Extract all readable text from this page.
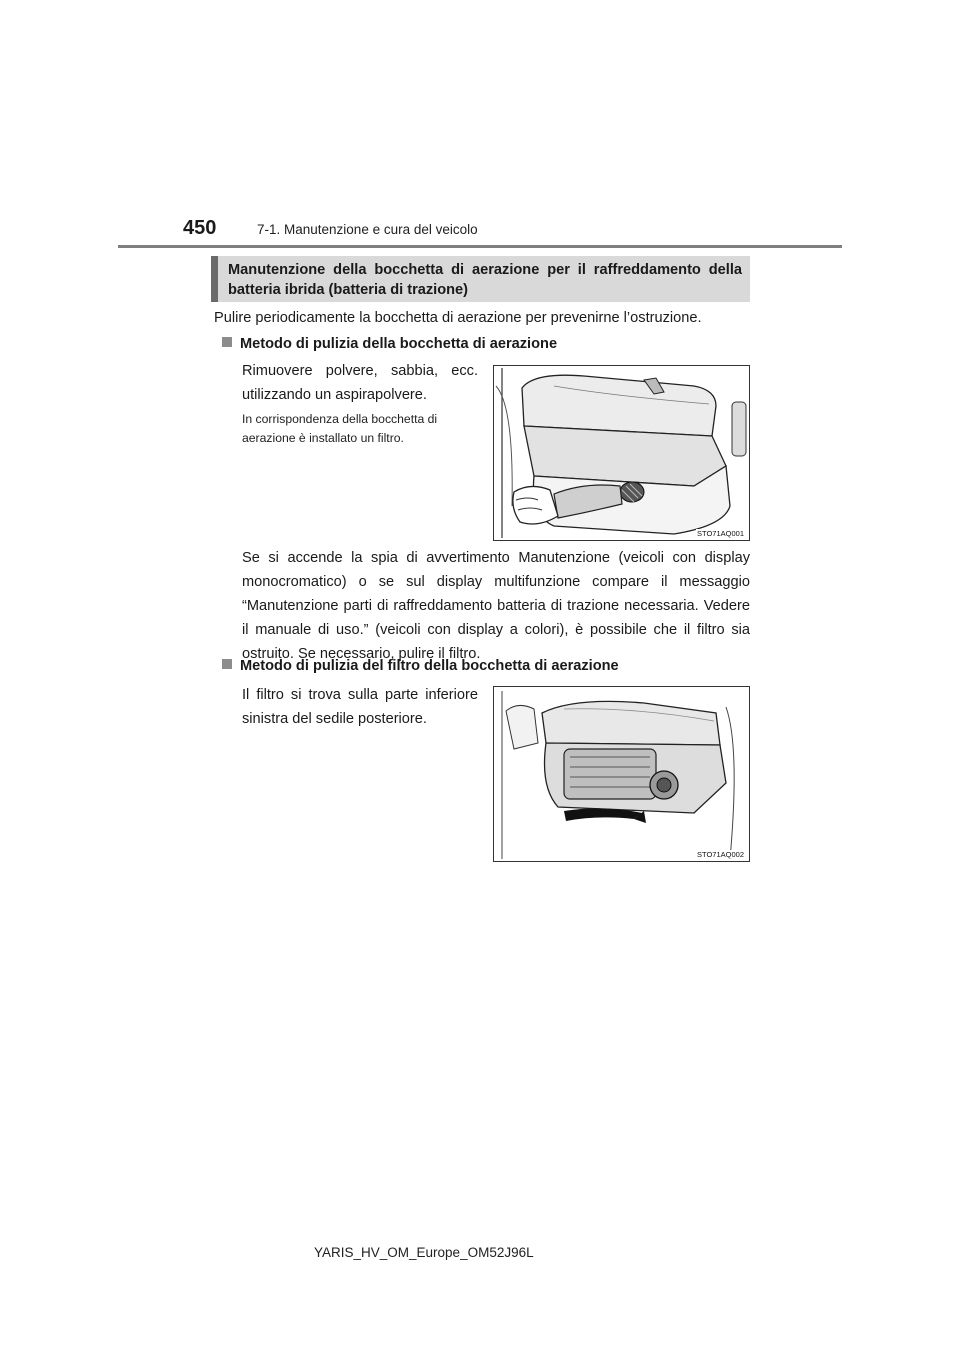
450	7-1. Manutenzione e cura del veicolo
Manutenzione della bocchetta di aerazione per il raffreddamento della batteria ibrida (batteria di trazione)
Pulire periodicamente la bocchetta di aerazione per prevenirne l’ostruzione.
Metodo di pulizia della bocchetta di aerazione
Rimuovere polvere, sabbia, ecc. utilizzando un aspirapolvere.
In corrispondenza della bocchetta di aerazione è installato un filtro.
STO71AQ001
Se si accende la spia di avvertimento Manutenzione (veicoli con display monocromatico) o se sul display multifunzione compare il messaggio “Manutenzione parti di raffreddamento batteria di trazione necessaria. Vedere il manuale di uso.” (veicoli con display a colori), è possibile che il filtro sia ostruito. Se necessario, pulire il filtro.
Metodo di pulizia del filtro della bocchetta di aerazione
Il filtro si trova sulla parte inferiore sinistra del sedile posteriore.
STO71AQ002
YARIS_HV_OM_Europe_OM52J96L
